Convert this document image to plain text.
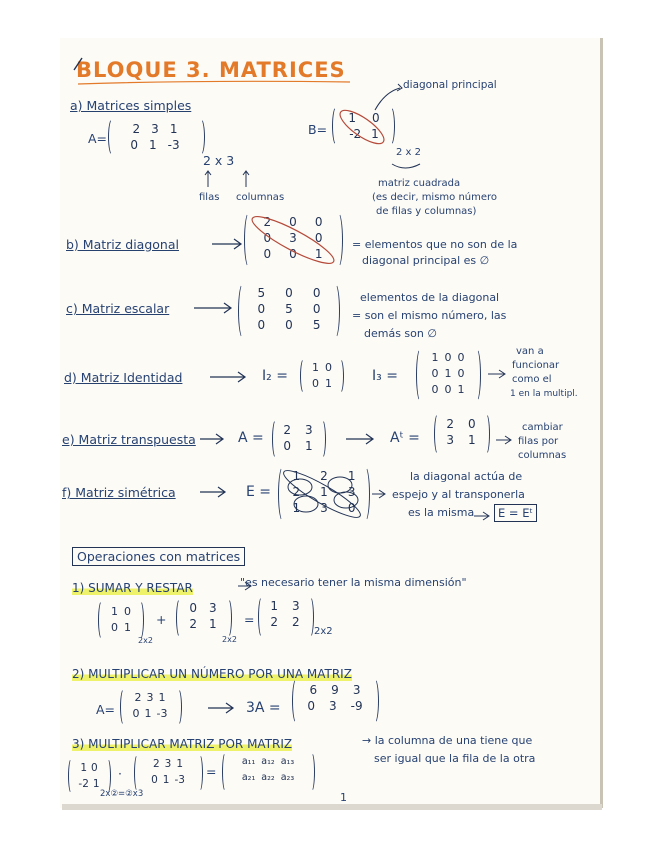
BLOQUE 3. MATRICES
a) Matrices simples
A=
2 3 1
0 1 -3
2 x 3
filas columnas
B=
1 0
-2 1
diagonal principal
2 x 2
matriz cuadrada
(es decir, mismo número
de filas y columnas)
b) Matriz diagonal
2 0 0
0 3 0
0 0 1
= elementos que no son de la
diagonal principal es ∅
c) Matriz escalar
5 0 0
0 5 0
0 0 5
elementos de la diagonal
= son el mismo número, las
demás son ∅
d) Matriz Identidad	I₂ =
1 0
0 1	I₃ =
1 0 0
0 1 0
0 0 1
van a
funcionar
como el
1 en la multipl.
e) Matriz transpuesta	A = 2 3
0 1	Aᵗ =
2 0
3 1
cambiar
filas por
columnas
f) Matriz simétrica	E =
1 2 1
2 1 3
1 3 0
la diagonal actúa de
espejo y al transponerla
es la misma	E = Eᵗ
Operaciones con matrices
1) SUMAR Y RESTAR	"es necesario tener la misma dimensión"
1 0
0 1
2x2
+
0 3
2 1
2x2
=
1 3
2 2
2x2
2) MULTIPLICAR UN NÚMERO POR UNA MATRIZ
A=
2 3 1
0 1 -3	3A =
6 9 3
0 3 -9
3) MULTIPLICAR MATRIZ POR MATRIZ	→ la columna de una tiene que
ser igual que la fila de la otra
1 0
-2 1
·
2 3 1
0 1 -3
=
a₁₁ a₁₂ a₁₃
a₂₁ a₂₂ a₂₃
2x②=②x3	1
